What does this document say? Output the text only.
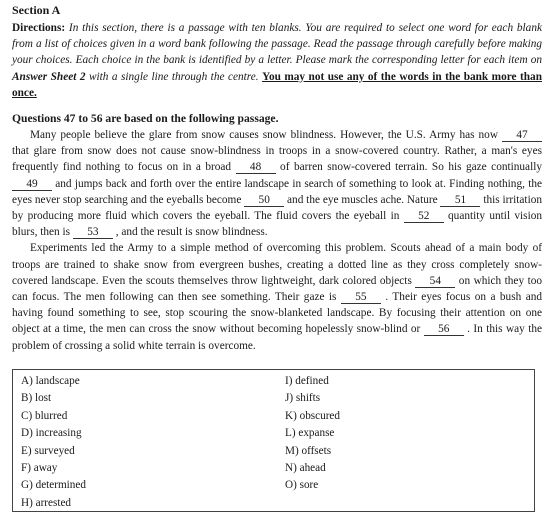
Section A
Directions: In this section, there is a passage with ten blanks. You are required to select one word for each blank from a list of choices given in a word bank following the passage. Read the passage through carefully before making your choices. Each choice in the bank is identified by a letter. Please mark the corresponding letter for each item on Answer Sheet 2 with a single line through the centre. You may not use any of the words in the bank more than once.
Questions 47 to 56 are based on the following passage.

Many people believe the glare from snow causes snow blindness. However, the U.S. Army has now 47 that glare from snow does not cause snow-blindness in troops in a snow-covered country. Rather, a man's eyes frequently find nothing to focus on in a broad 48 of barren snow-covered terrain. So his gaze continually 49 and jumps back and forth over the entire landscape in search of something to look at. Finding nothing, the eyes never stop searching and the eyeballs become 50 and the eye muscles ache. Nature 51 this irritation by producing more fluid which covers the eyeball. The fluid covers the eyeball in 52 quantity until vision blurs, then is 53 , and the result is snow blindness.

Experiments led the Army to a simple method of overcoming this problem. Scouts ahead of a main body of troops are trained to shake snow from evergreen bushes, creating a dotted line as they cross completely snow-covered landscape. Even the scouts themselves throw lightweight, dark colored objects 54 on which they too can focus. The men following can then see something. Their gaze is 55 . Their eyes focus on a bush and having found something to see, stop scouring the snow-blanketed landscape. By focusing their attention on one object at a time, the men can cross the snow without becoming hopelessly snow-blind or 56 . In this way the problem of crossing a solid white terrain is overcome.

A) landscape
B) lost
C) blurred
D) increasing
E) surveyed
F) away
G) determined
H) arrested
I) defined
J) shifts
K) obscured
L) expanse
M) offsets
N) ahead
O) sore
